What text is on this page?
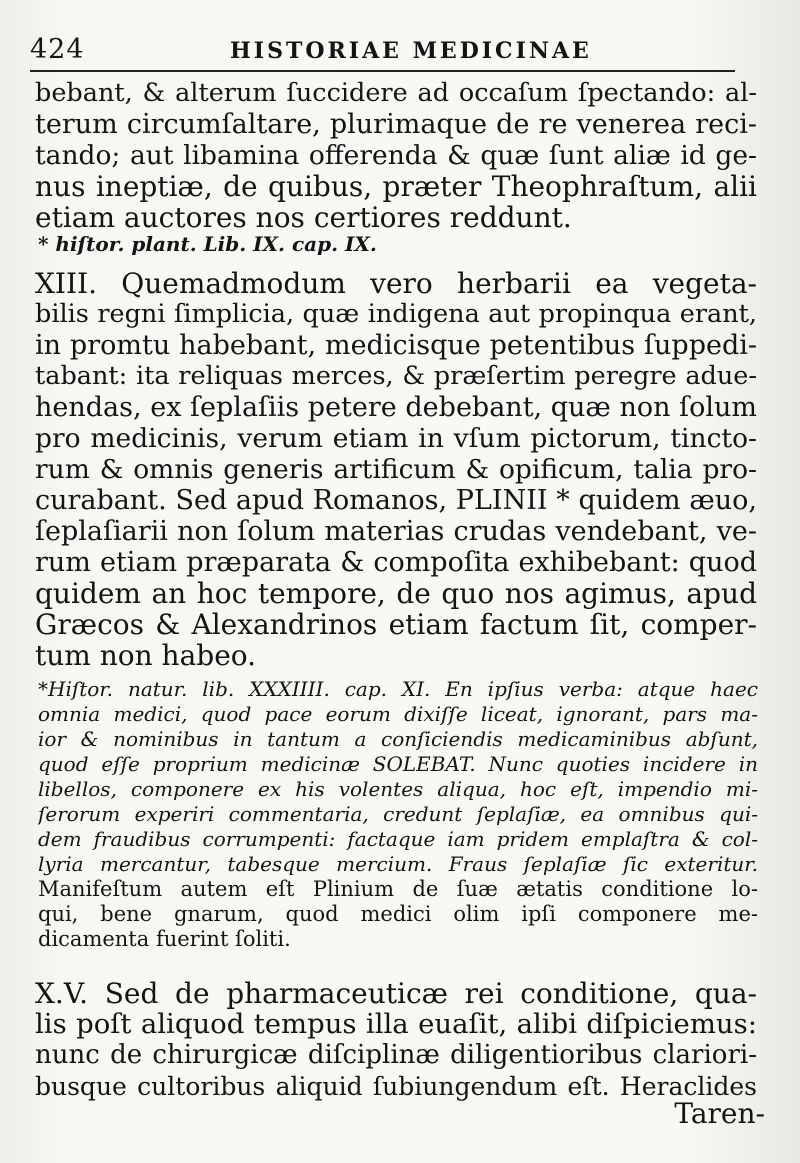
424	HISTORIAE MEDICINAE
bebant, & alterum ſuccidere ad occaſum ſpectando: al-
terum circumſaltare, plurimaque de re venerea reci-
tando; aut libamina offerenda & quæ ſunt aliæ id ge-
nus ineptiæ, de quibus, præter Theophraſtum, alii
etiam auctores nos certiores reddunt.
* hiſtor. plant. Lib. IX. cap. IX.
XIII. Quemadmodum vero herbarii ea vegeta-
bilis regni ſimplicia, quæ indigena aut propinqua erant,
in promtu habebant, medicisque petentibus ſuppedi-
tabant: ita reliquas merces, & præſertim peregre adue-
hendas, ex ſeplaſiis petere debebant, quæ non ſolum
pro medicinis, verum etiam in vſum pictorum, tincto-
rum & omnis generis artificum & opificum, talia pro-
curabant. Sed apud Romanos, PLINII * quidem æuo,
ſeplaſiarii non ſolum materias crudas vendebant, ve-
rum etiam præparata & compoſita exhibebant: quod
quidem an hoc tempore, de quo nos agimus, apud
Græcos & Alexandrinos etiam factum ſit, comper-
tum non habeo.
*Hiſtor. natur. lib. XXXIIII. cap. XI. En ipſius verba: atque haec
omnia medici, quod pace eorum dixiſſe liceat, ignorant, pars ma-
ior & nominibus in tantum a conſiciendis medicaminibus abſunt,
quod eſſe proprium medicinæ SOLEBAT. Nunc quoties incidere in
libellos, componere ex his volentes aliqua, hoc eſt, impendio mi-
ſerorum experiri commentaria, credunt ſeplaſiæ, ea omnibus qui-
dem fraudibus corrumpenti: factaque iam pridem emplaſtra & col-
lyria mercantur, tabesque mercium. Fraus ſeplaſiæ ſic exteritur.
Manifeſtum autem eſt Plinium de ſuæ ætatis conditione lo-
qui, bene gnarum, quod medici olim ipſi componere me-
dicamenta fuerint ſoliti.
X.V. Sed de pharmaceuticæ rei conditione, qua-
lis poſt aliquod tempus illa euaſit, alibi diſpiciemus:
nunc de chirurgicæ diſciplinæ diligentioribus clariori-
busque cultoribus aliquid ſubiungendum eſt. Heraclides
Taren-
